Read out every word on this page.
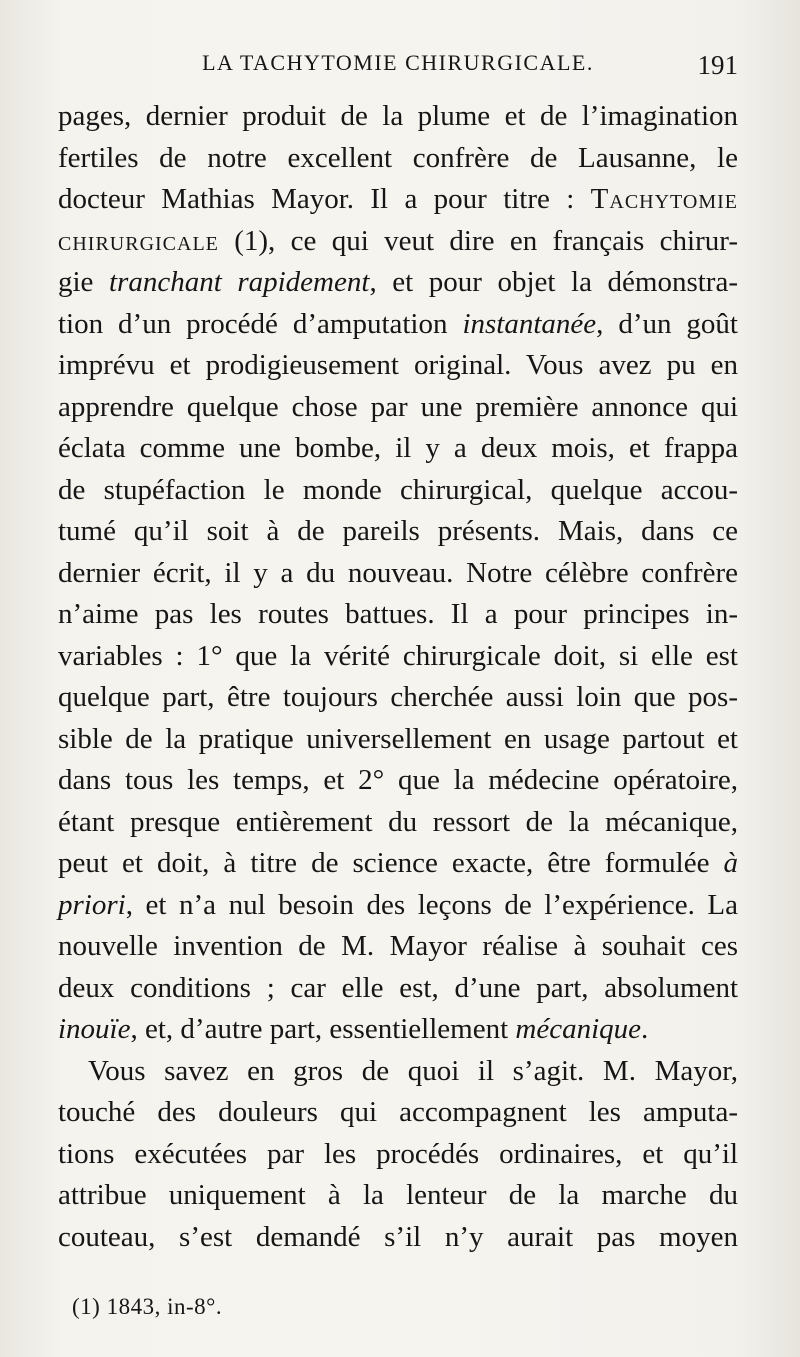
LA TACHYTOMIE CHIRURGICALE.	191
pages, dernier produit de la plume et de l’imagination
fertiles de notre excellent confrère de Lausanne, le
docteur Mathias Mayor. Il a pour titre : Tachytomie
chirurgicale (1), ce qui veut dire en français chirur-
gie tranchant rapidement, et pour objet la démonstra-
tion d’un procédé d’amputation instantanée, d’un goût
imprévu et prodigieusement original. Vous avez pu en
apprendre quelque chose par une première annonce qui
éclata comme une bombe, il y a deux mois, et frappa
de stupéfaction le monde chirurgical, quelque accou-
tumé qu’il soit à de pareils présents. Mais, dans ce
dernier écrit, il y a du nouveau. Notre célèbre confrère
n’aime pas les routes battues. Il a pour principes in-
variables : 1° que la vérité chirurgicale doit, si elle est
quelque part, être toujours cherchée aussi loin que pos-
sible de la pratique universellement en usage partout et
dans tous les temps, et 2° que la médecine opératoire,
étant presque entièrement du ressort de la mécanique,
peut et doit, à titre de science exacte, être formulée à
priori, et n’a nul besoin des leçons de l’expérience. La
nouvelle invention de M. Mayor réalise à souhait ces
deux conditions ; car elle est, d’une part, absolument
inouïe, et, d’autre part, essentiellement mécanique.
Vous savez en gros de quoi il s’agit. M. Mayor,
touché des douleurs qui accompagnent les amputa-
tions exécutées par les procédés ordinaires, et qu’il
attribue uniquement à la lenteur de la marche du
couteau, s’est demandé s’il n’y aurait pas moyen
(1) 1843, in-8°.
